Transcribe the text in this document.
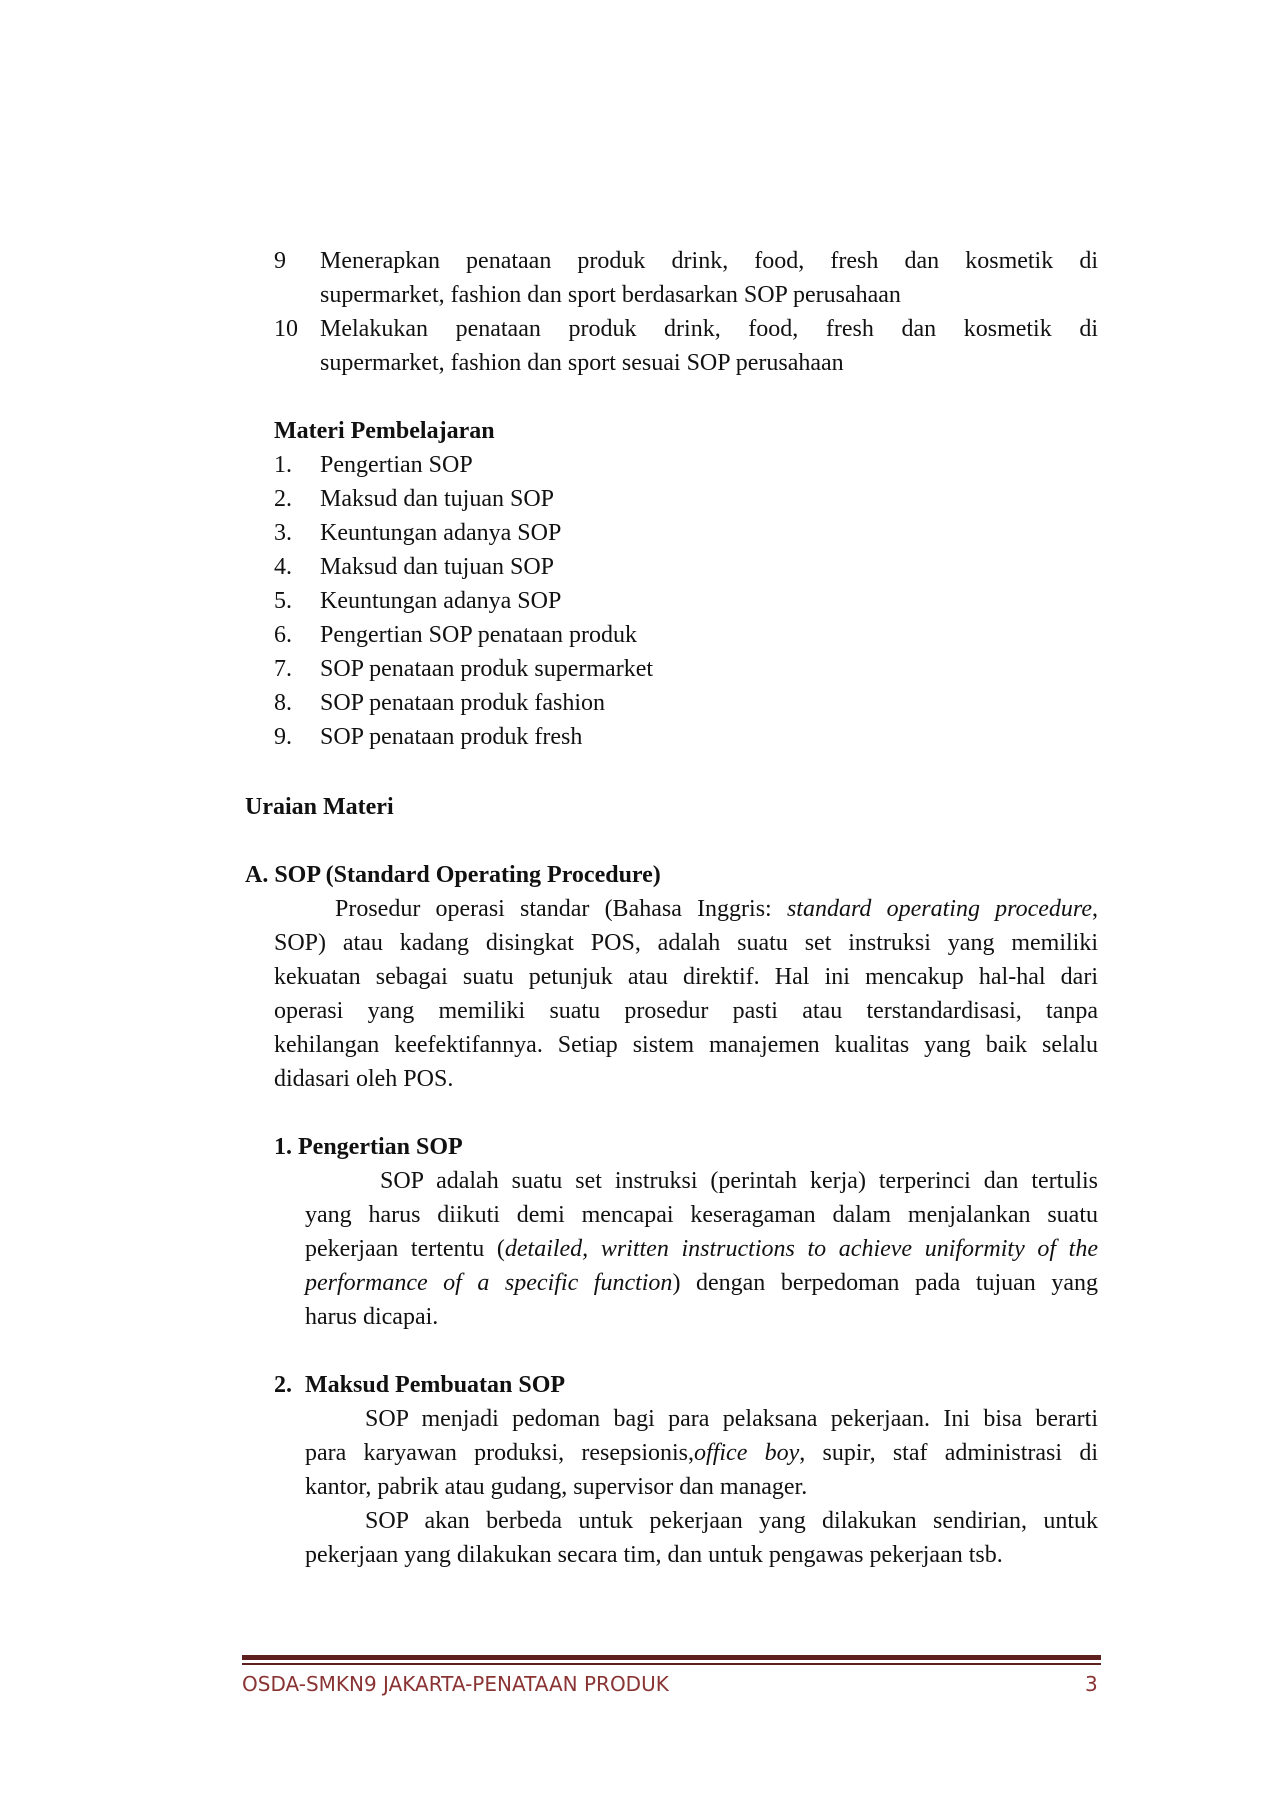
9 Menerapkan penataan produk drink, food, fresh dan kosmetik di
supermarket, fashion dan sport berdasarkan SOP perusahaan
10 Melakukan penataan produk drink, food, fresh dan kosmetik di
supermarket, fashion dan sport sesuai SOP perusahaan
Materi Pembelajaran
1. Pengertian SOP
2. Maksud dan tujuan SOP
3. Keuntungan adanya SOP
4. Maksud dan tujuan SOP
5. Keuntungan adanya SOP
6. Pengertian SOP penataan produk
7. SOP penataan produk supermarket
8. SOP penataan produk fashion
9. SOP penataan produk fresh
Uraian Materi
A. SOP (Standard Operating Procedure)
Prosedur operasi standar (Bahasa Inggris: standard operating procedure,
SOP) atau kadang disingkat POS, adalah suatu set instruksi yang memiliki
kekuatan sebagai suatu petunjuk atau direktif. Hal ini mencakup hal-hal dari
operasi yang memiliki suatu prosedur pasti atau terstandardisasi, tanpa
kehilangan keefektifannya. Setiap sistem manajemen kualitas yang baik selalu
didasari oleh POS.
1. Pengertian SOP
SOP adalah suatu set instruksi (perintah kerja) terperinci dan tertulis
yang harus diikuti demi mencapai keseragaman dalam menjalankan suatu
pekerjaan tertentu (detailed, written instructions to achieve uniformity of the
performance of a specific function) dengan berpedoman pada tujuan yang
harus dicapai.
2. Maksud Pembuatan SOP
SOP menjadi pedoman bagi para pelaksana pekerjaan. Ini bisa berarti
para karyawan produksi, resepsionis,office boy, supir, staf administrasi di
kantor, pabrik atau gudang, supervisor dan manager.
SOP akan berbeda untuk pekerjaan yang dilakukan sendirian, untuk
pekerjaan yang dilakukan secara tim, dan untuk pengawas pekerjaan tsb.
OSDA-SMKN9 JAKARTA-PENATAAN PRODUK	3
